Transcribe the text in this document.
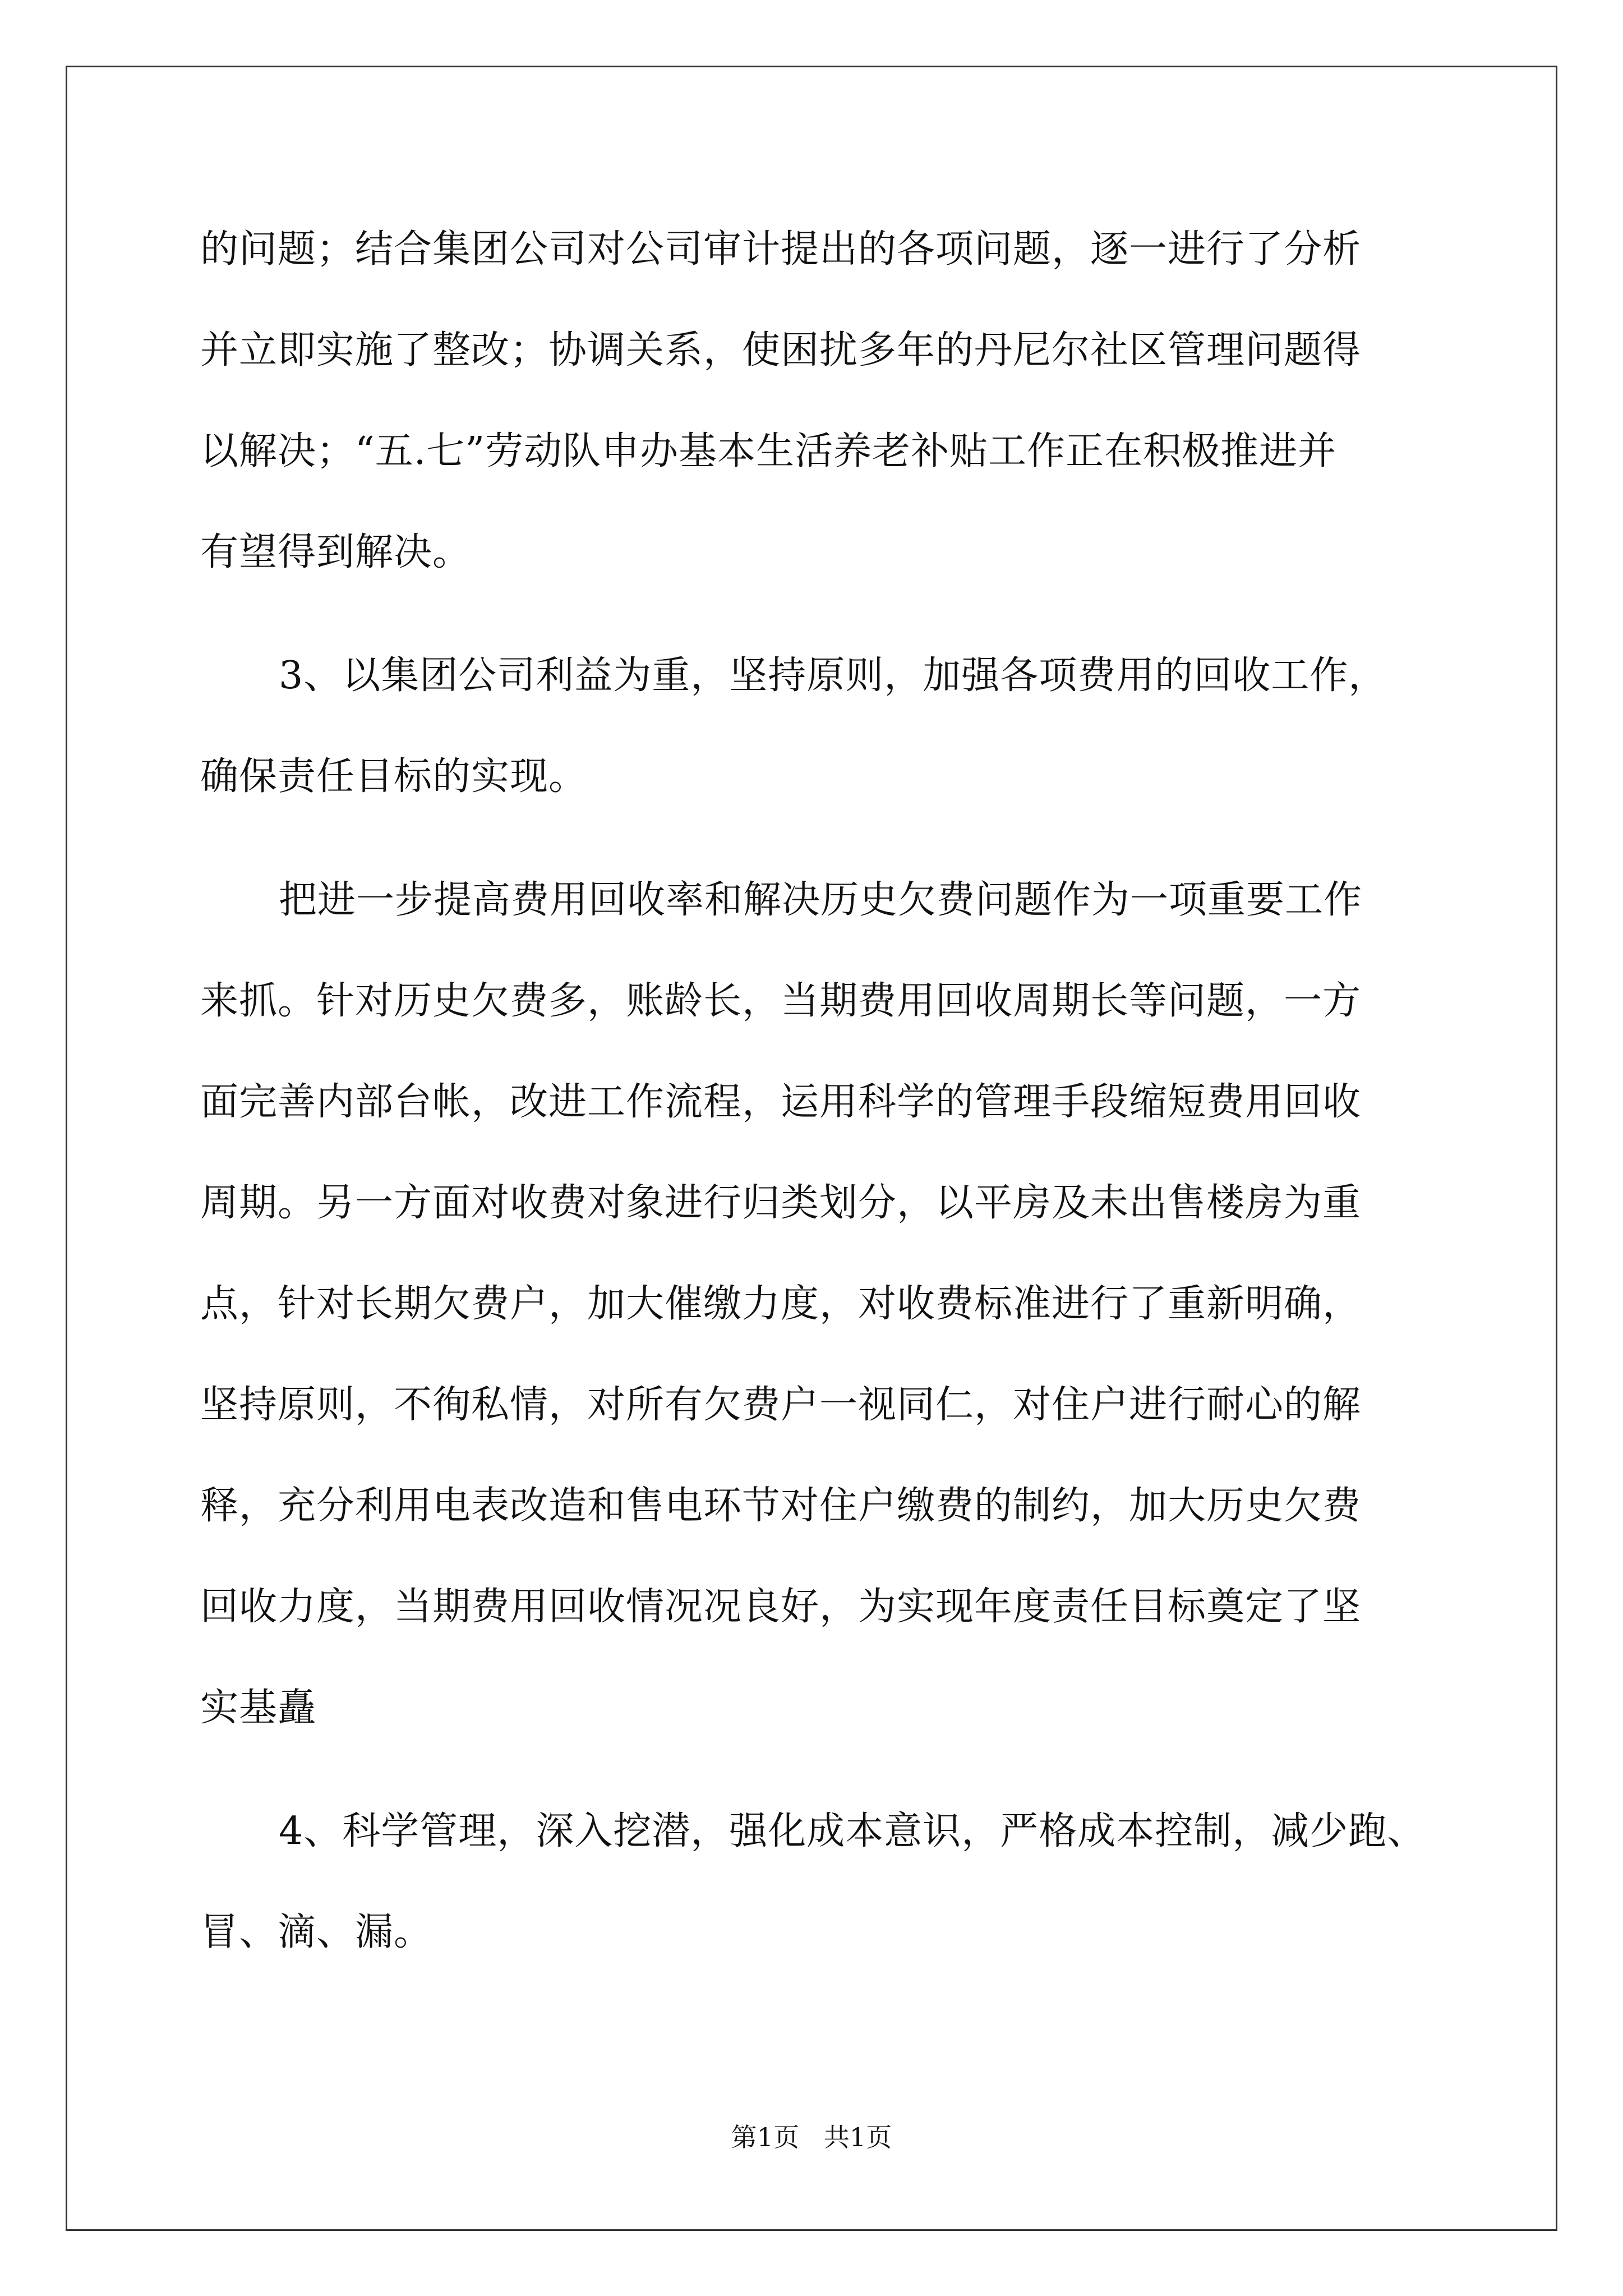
的问题；结合集团公司对公司审计提出的各项问题，逐一进行了分析
并立即实施了整改；协调关系，使困扰多年的丹尼尔社区管理问题得
以解决；“五.七”劳动队申办基本生活养老补贴工作正在积极推进并
有望得到解决。
3、以集团公司利益为重，坚持原则，加强各项费用的回收工作，
确保责任目标的实现。
把进一步提高费用回收率和解决历史欠费问题作为一项重要工作
来抓。针对历史欠费多，账龄长，当期费用回收周期长等问题，一方
面完善内部台帐，改进工作流程，运用科学的管理手段缩短费用回收
周期。另一方面对收费对象进行归类划分，以平房及未出售楼房为重
点，针对长期欠费户，加大催缴力度，对收费标准进行了重新明确，
坚持原则，不徇私情，对所有欠费户一视同仁，对住户进行耐心的解
释，充分利用电表改造和售电环节对住户缴费的制约，加大历史欠费
回收力度，当期费用回收情况况良好，为实现年度责任目标奠定了坚
实基矗
4、科学管理，深入挖潜，强化成本意识，严格成本控制，减少跑、
冒、滴、漏。
第1页   共1页
